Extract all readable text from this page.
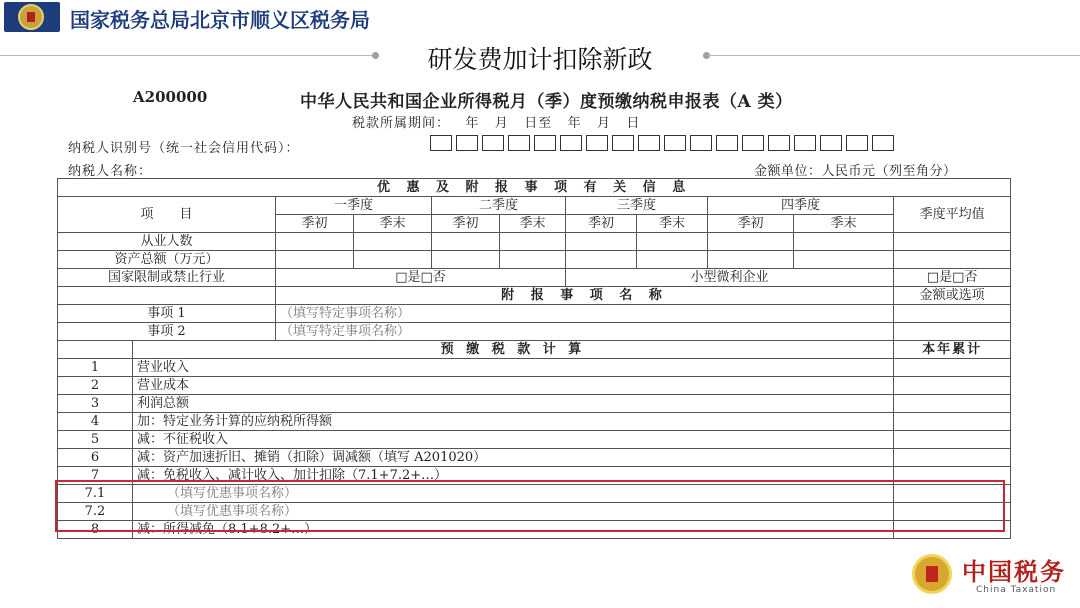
国家税务总局北京市顺义区税务局
研发费加计扣除新政
A200000	中华人民共和国企业所得税月（季）度预缴纳税申报表（A 类）
税款所属期间：   年   月   日至   年   月   日
纳税人识别号（统一社会信用代码）：
纳税人名称：	金额单位：人民币元（列至角分）
优 惠 及 附 报 事 项 有 关 信 息										
项　　目		一季度		二季度		三季度		四季度		季度平均值
		季初	季末	季初	季末	季初	季末	季初	季末	
从业人数										
资产总额（万元）										
国家限制或禁止行业		□是□否				小型微利企业				□是□否
		附 报 事 项 名 称								金额或选项
事项 1		（填写特定事项名称）								
事项 2		（填写特定事项名称）								
	预 缴 税 款 计 算									本年累计
1	营业收入									
2	营业成本									
3	利润总额									
4	加：特定业务计算的应纳税所得额									
5	减：不征税收入									
6	减：资产加速折旧、摊销（扣除）调减额（填写 A201020）									
7	减：免税收入、减计收入、加计扣除（7.1+7.2+…）									
7.1	（填写优惠事项名称）									
7.2	（填写优惠事项名称）									
8	减：所得减免（8.1+8.2+…）									
中国税务
China Taxation
